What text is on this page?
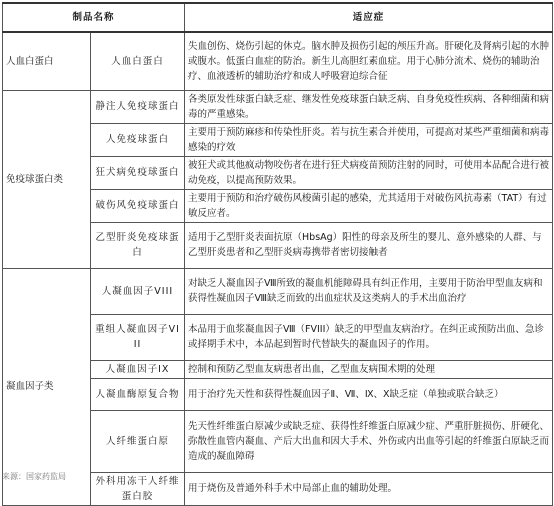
制品名称		适应症
人血白蛋白	人血白蛋白	失血创伤、烧伤引起的休克。脑水肿及损伤引起的颅压升高。肝硬化及肾病引起的水肿或腹水。低蛋白血症的防治。新生儿高胆红素血症。用于心肺分流术、烧伤的辅助治疗、血液透析的辅助治疗和成人呼吸窘迫综合征
免疫球蛋白类	静注人免疫球蛋白	各类原发性球蛋白缺乏症、继发性免疫球蛋白缺乏病、自身免疫性疾病、各种细菌和病毒的严重感染。
	人免疫球蛋白	主要用于预防麻疹和传染性肝炎。若与抗生素合并使用，可提高对某些严重细菌和病毒感染的疗效
	狂犬病免疫球蛋白	被狂犬或其他疯动物咬伤者在进行狂犬病疫苗预防注射的同时，可使用本品配合进行被动免疫，以提高预防效果。
	破伤风免疫球蛋白	主要用于预防和治疗破伤风梭菌引起的感染，尤其适用于对破伤风抗毒素（TAT）有过敏反应者。
	乙型肝炎免疫球蛋白	适用于乙型肝炎表面抗原（HbsAg）阳性的母亲及所生的婴儿、意外感染的人群、与乙型肝炎患者和乙型肝炎病毒携带者密切接触者
凝血因子类	人凝血因子VIII	对缺乏人凝血因子Ⅷ所致的凝血机能障碍具有纠正作用，主要用于防治甲型血友病和获得性凝血因子Ⅷ缺乏而致的出血症状及这类病人的手术出血治疗
	重组人凝血因子VIII	本品用于血浆凝血因子Ⅷ（FVIII）缺乏的甲型血友病治疗。在纠正或预防出血、急诊或择期手术中，本品起到暂时代替缺失的凝血因子的作用。
	人凝血因子IX	控制和预防乙型血友病患者出血，乙型血友病围术期的处理
	人凝血酶原复合物	用于治疗先天性和获得性凝血因子Ⅱ、Ⅶ、Ⅸ、Ⅹ缺乏症（单独或联合缺乏）
	人纤维蛋白原	先天性纤维蛋白原减少或缺乏症、获得性纤维蛋白原减少症、严重肝脏损伤、肝硬化、弥散性血管内凝血、产后大出血和因大手术、外伤或内出血等引起的纤维蛋白原缺乏而造成的凝血障碍
	外科用冻干人纤维蛋白胶	用于烧伤及普通外科手术中局部止血的辅助处理。
来源：国家药监局
